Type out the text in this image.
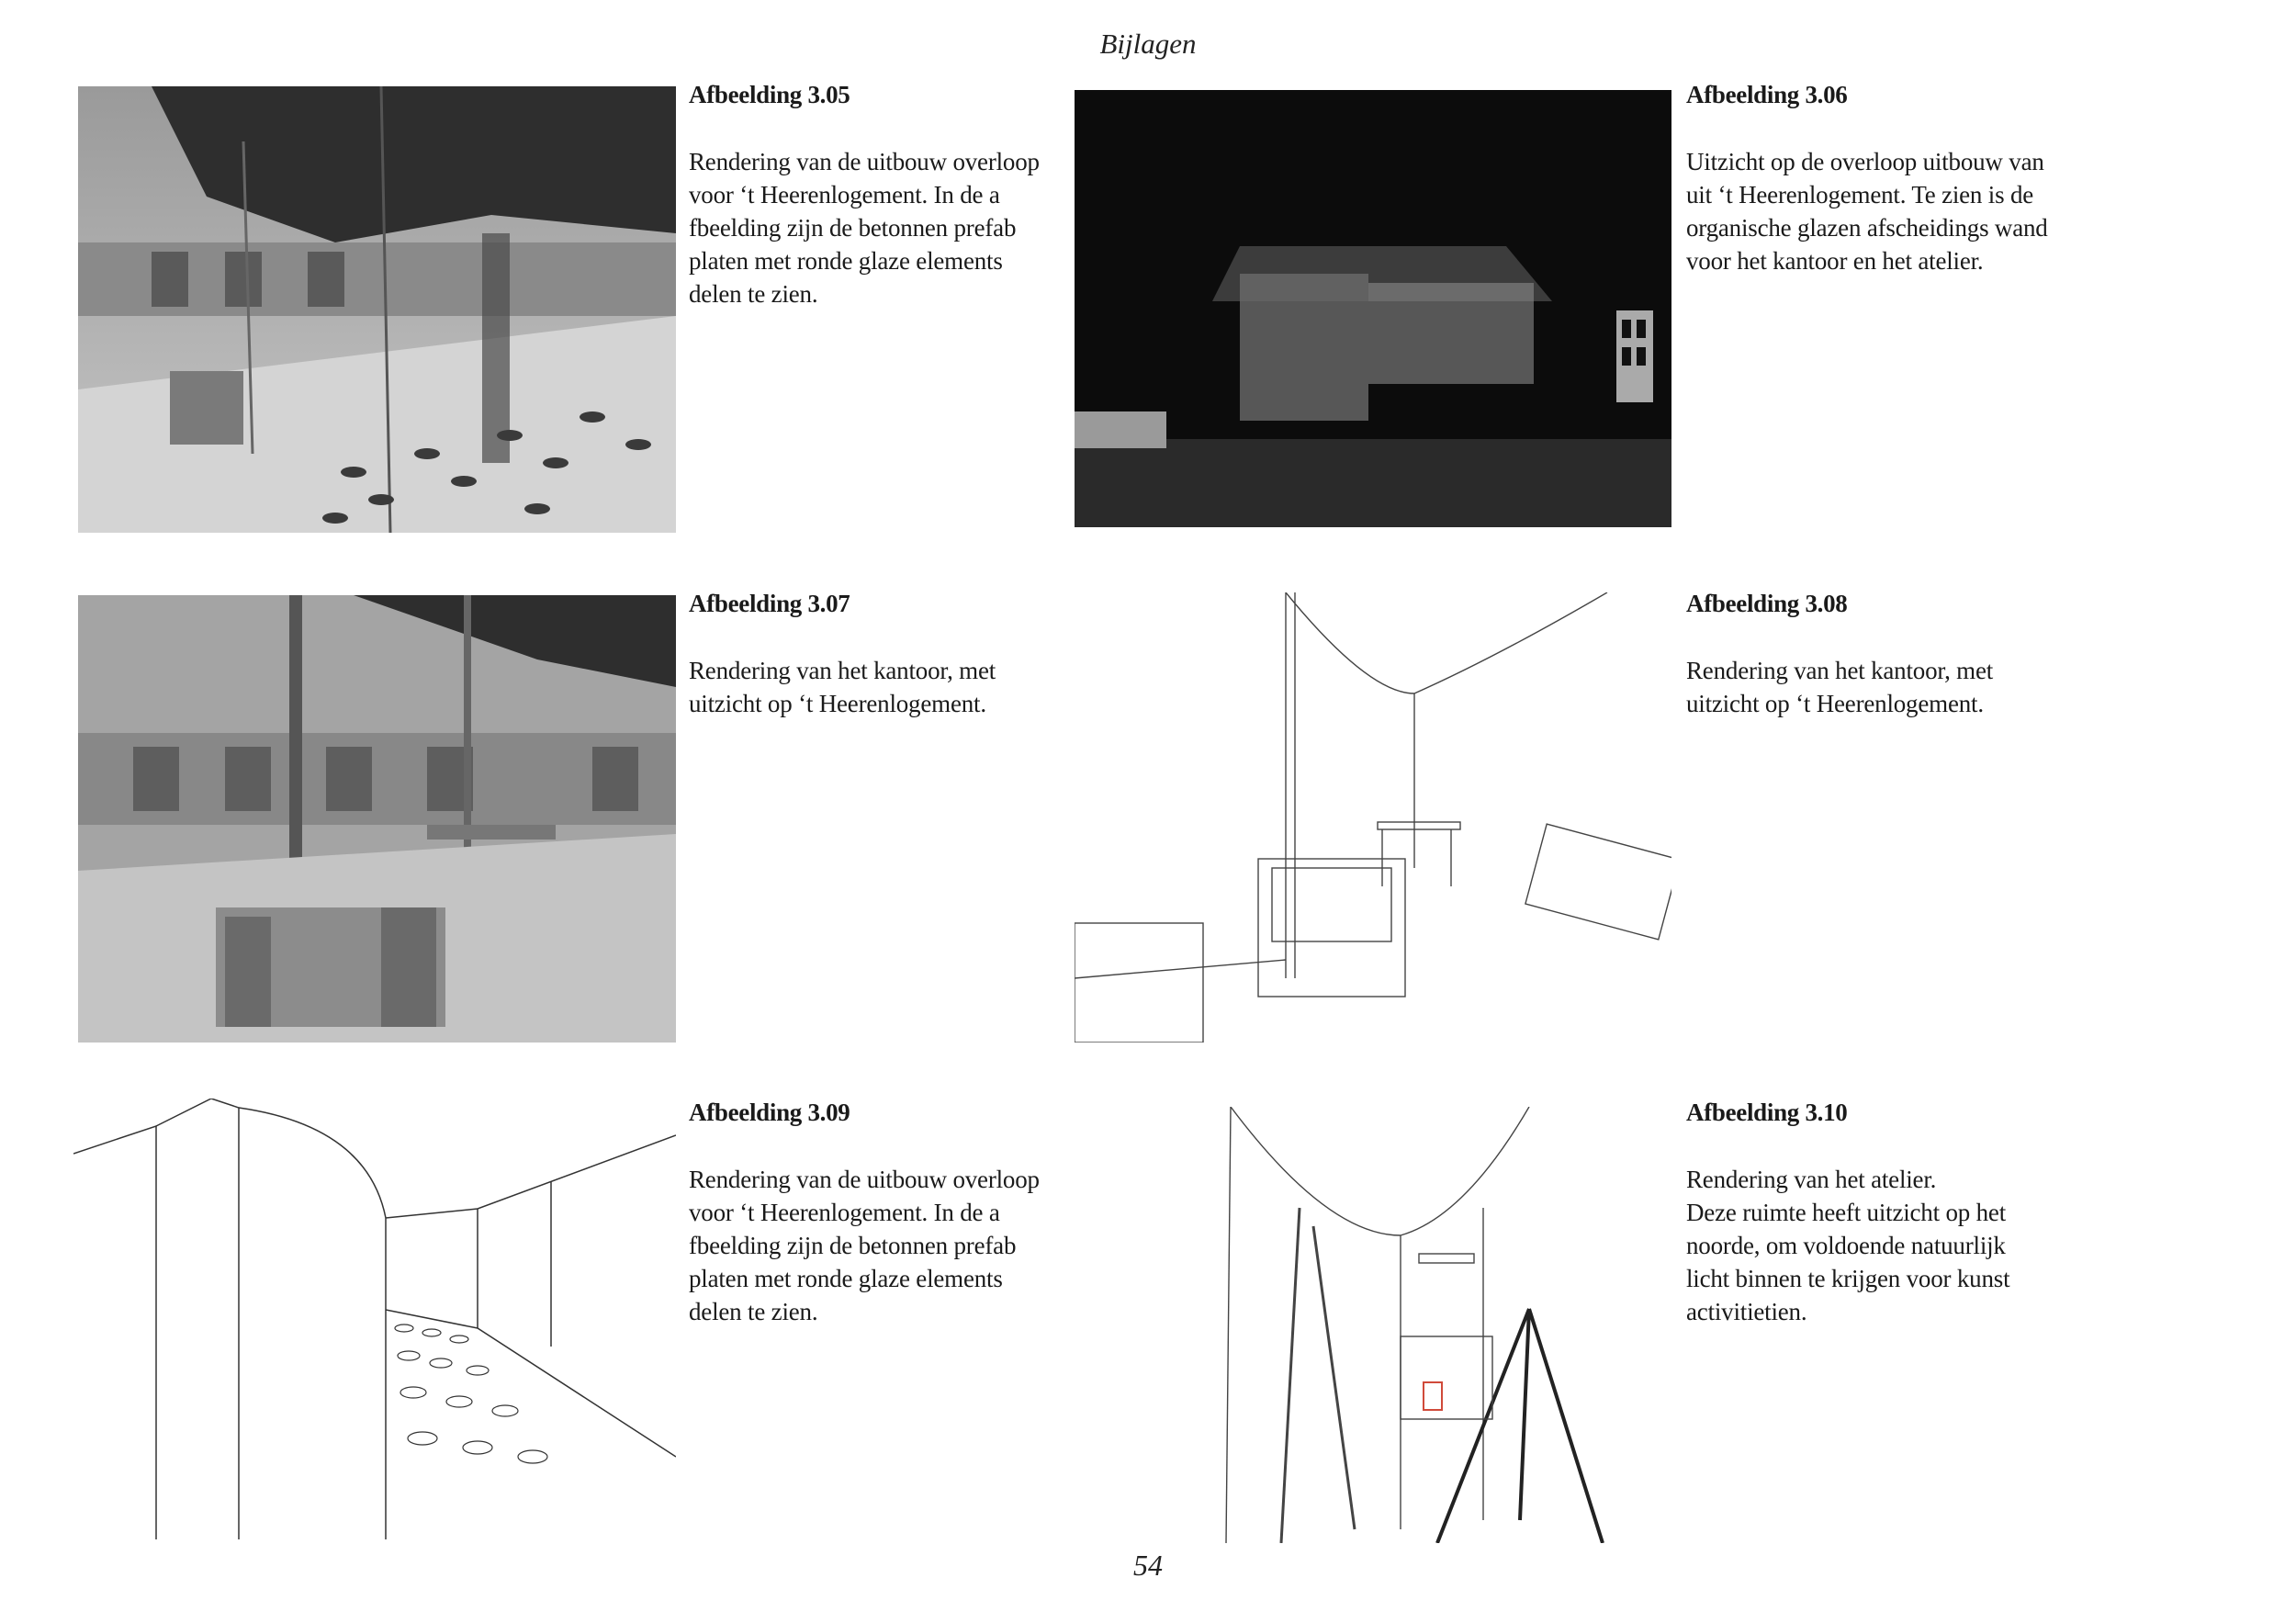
Bijlagen
Afbeelding 3.05

Rendering van de uitbouw overloop
voor ‘t Heerenlogement. In de a
fbeelding zijn de betonnen prefab
platen met ronde glaze elements
delen te zien.

Afbeelding 3.06

Uitzicht op de overloop uitbouw van
uit ‘t Heerenlogement. Te zien is de
organische glazen afscheidings wand
voor het kantoor en het atelier.

Afbeelding 3.07

Rendering van het kantoor, met
uitzicht op ‘t Heerenlogement.

Afbeelding 3.08

Rendering van het kantoor, met
uitzicht op ‘t Heerenlogement.

Afbeelding 3.09

Rendering van de uitbouw overloop
voor ‘t Heerenlogement. In de a
fbeelding zijn de betonnen prefab
platen met ronde glaze elements
delen te zien.

Afbeelding 3.10

Rendering van het atelier.
Deze ruimte heeft uitzicht op het
noorde, om voldoende natuurlijk
licht binnen te krijgen voor kunst
activitietien.

54
